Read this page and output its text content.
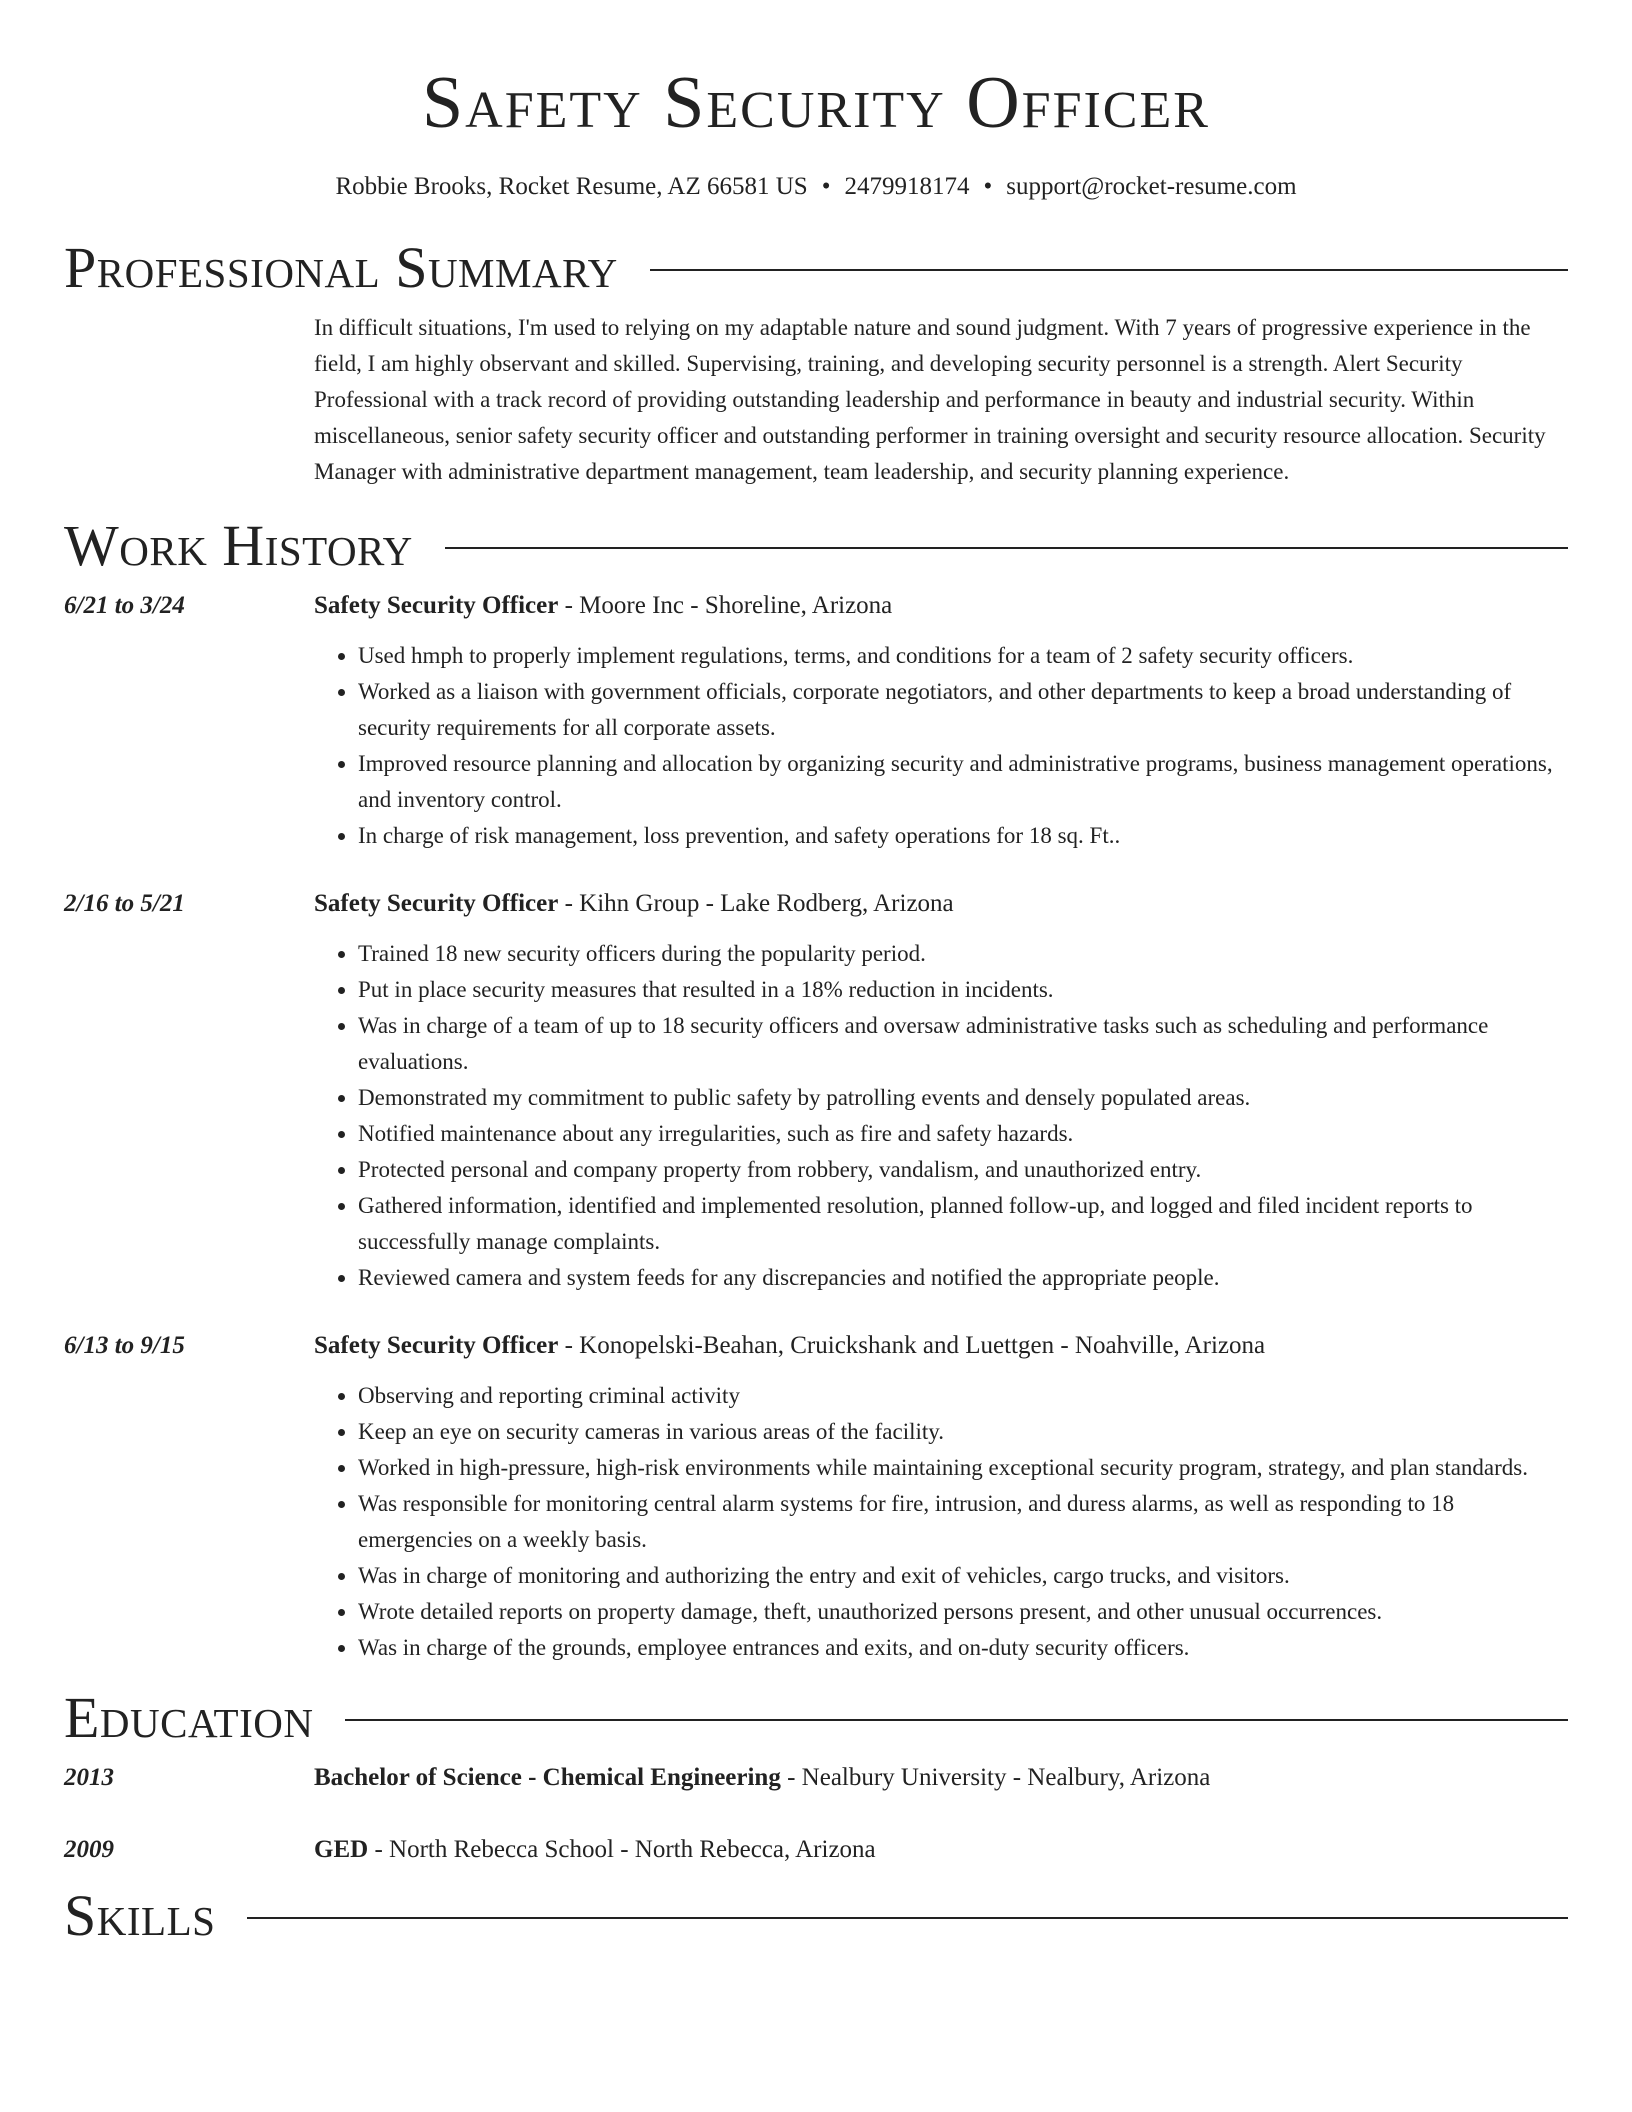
Safety Security Officer
Robbie Brooks, Rocket Resume, AZ 66581 US • 2479918174 • support@rocket-resume.com
Professional Summary
In difficult situations, I'm used to relying on my adaptable nature and sound judgment. With 7 years of progressive experience in the field, I am highly observant and skilled. Supervising, training, and developing security personnel is a strength. Alert Security Professional with a track record of providing outstanding leadership and performance in beauty and industrial security. Within miscellaneous, senior safety security officer and outstanding performer in training oversight and security resource allocation. Security Manager with administrative department management, team leadership, and security planning experience.
Work History
6/21 to 3/24	Safety Security Officer - Moore Inc - Shoreline, Arizona
• Used hmph to properly implement regulations, terms, and conditions for a team of 2 safety security officers.
• Worked as a liaison with government officials, corporate negotiators, and other departments to keep a broad understanding of security requirements for all corporate assets.
• Improved resource planning and allocation by organizing security and administrative programs, business management operations, and inventory control.
• In charge of risk management, loss prevention, and safety operations for 18 sq. Ft..
2/16 to 5/21	Safety Security Officer - Kihn Group - Lake Rodberg, Arizona
• Trained 18 new security officers during the popularity period.
• Put in place security measures that resulted in a 18% reduction in incidents.
• Was in charge of a team of up to 18 security officers and oversaw administrative tasks such as scheduling and performance evaluations.
• Demonstrated my commitment to public safety by patrolling events and densely populated areas.
• Notified maintenance about any irregularities, such as fire and safety hazards.
• Protected personal and company property from robbery, vandalism, and unauthorized entry.
• Gathered information, identified and implemented resolution, planned follow-up, and logged and filed incident reports to successfully manage complaints.
• Reviewed camera and system feeds for any discrepancies and notified the appropriate people.
6/13 to 9/15	Safety Security Officer - Konopelski-Beahan, Cruickshank and Luettgen - Noahville, Arizona
• Observing and reporting criminal activity
• Keep an eye on security cameras in various areas of the facility.
• Worked in high-pressure, high-risk environments while maintaining exceptional security program, strategy, and plan standards.
• Was responsible for monitoring central alarm systems for fire, intrusion, and duress alarms, as well as responding to 18 emergencies on a weekly basis.
• Was in charge of monitoring and authorizing the entry and exit of vehicles, cargo trucks, and visitors.
• Wrote detailed reports on property damage, theft, unauthorized persons present, and other unusual occurrences.
• Was in charge of the grounds, employee entrances and exits, and on-duty security officers.
Education
2013	Bachelor of Science - Chemical Engineering - Nealbury University - Nealbury, Arizona
2009	GED - North Rebecca School - North Rebecca, Arizona
Skills
